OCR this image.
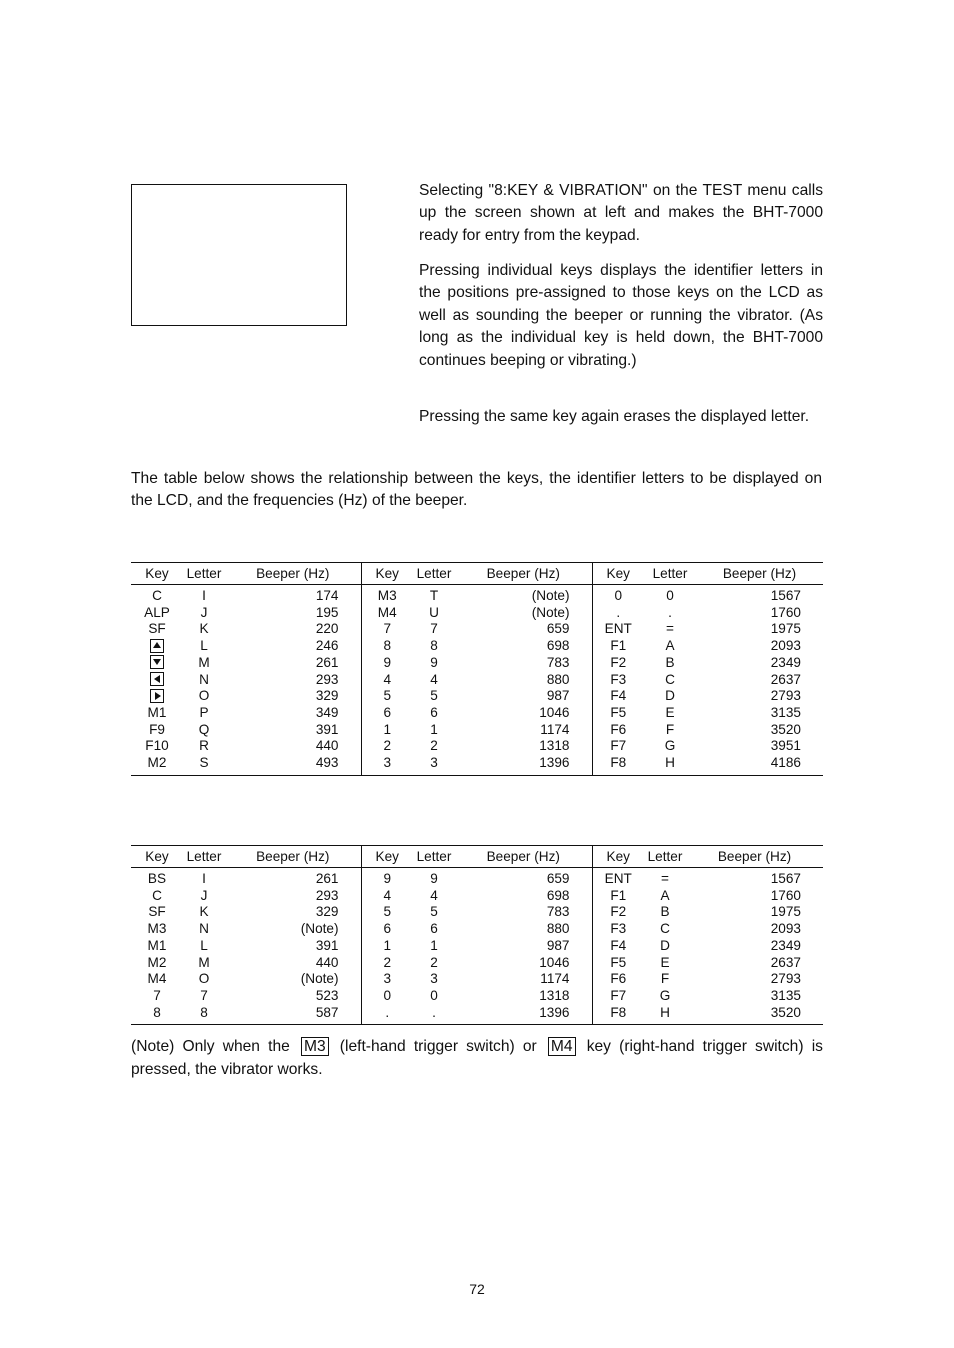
Selecting "8:KEY & VIBRATION" on the TEST menu calls up the screen shown at left and makes the BHT-7000 ready for entry from the keypad.

Pressing individual keys displays the identifier letters in the positions pre-assigned to those keys on the LCD as well as sounding the beeper or running the vibrator. (As long as the individual key is held down, the BHT-7000 continues beeping or vibrating.)

Pressing the same key again erases the displayed letter.

The table below shows the relationship between the keys, the identifier letters to be displayed on the LCD, and the frequencies (Hz) of the beeper.

Key	Letter	Beeper (Hz)	Key	Letter	Beeper (Hz)	Key	Letter	Beeper (Hz)
C	I	174	M3	T	(Note)	0	0	1567
ALP	J	195	M4	U	(Note)	.	.	1760
SF	K	220	7	7	659	ENT	=	1975
	L	246	8	8	698	F1	A	2093
	M	261	9	9	783	F2	B	2349
	N	293	4	4	880	F3	C	2637
	O	329	5	5	987	F4	D	2793
M1	P	349	6	6	1046	F5	E	3135
F9	Q	391	1	1	1174	F6	F	3520
F10	R	440	2	2	1318	F7	G	3951
M2	S	493	3	3	1396	F8	H	4186
Key	Letter	Beeper (Hz)	Key	Letter	Beeper (Hz)	Key	Letter	Beeper (Hz)
BS	I	261	9	9	659	ENT	=	1567
C	J	293	4	4	698	F1	A	1760
SF	K	329	5	5	783	F2	B	1975
M3	N	(Note)	6	6	880	F3	C	2093
M1	L	391	1	1	987	F4	D	2349
M2	M	440	2	2	1046	F5	E	2637
M4	O	(Note)	3	3	1174	F6	F	2793
7	7	523	0	0	1318	F7	G	3135
8	8	587	.	.	1396	F8	H	3520

(Note) Only when the M3 (left-hand trigger switch) or M4 key (right-hand trigger switch) is pressed, the vibrator works.

72
